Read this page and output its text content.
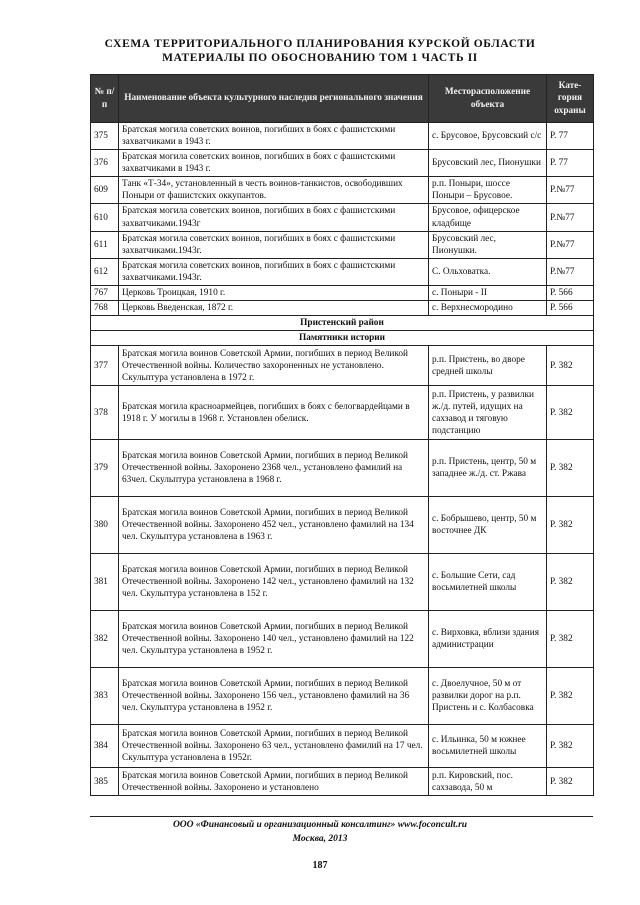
СХЕМА ТЕРРИТОРИАЛЬНОГО ПЛАНИРОВАНИЯ КУРСКОЙ ОБЛАСТИ
МАТЕРИАЛЫ ПО ОБОСНОВАНИЮ ТОМ 1 ЧАСТЬ II
№ п/п	Наименование объекта культурного наследия регионального значения	Месторасположение объекта	Кате-гория охраны
375	Братская могила советских воинов, погибших в боях с фашистскими захватчиками в 1943 г.	с. Брусовое, Брусовский с/с	Р. 77
376	Братская могила советских воинов, погибших в боях с фашистскими захватчиками в 1943 г.	Брусовский лес, Пионушки	Р. 77
609	Танк «Т-34», установленный в честь воинов-танкистов, освободивших Поныри от фашистских оккупантов.	р.п. Поныри, шоссе Поныри – Брусовое.	Р.№77
610	Братская могила советских воинов, погибших в боях с фашистскими захватчиками.1943г	Брусовое, офицерское кладбище	Р.№77
611	Братская могила советских воинов, погибших в боях с фашистскими захватчиками.1943г.	Брусовский лес, Пионушки.	Р.№77
612	Братская могила советских воинов, погибших в боях с фашистскими захватчиками.1943г.	С. Ольховатка.	Р.№77
767	Церковь Троицкая, 1910 г.	с. Поныри - II	Р. 566
768	Церковь Введенская, 1872 г.	с. Верхнесмородино	Р. 566
Пристенский район			
Памятники истории			
377	Братская могила воинов Советской Армии, погибших в период Великой Отечественной войны. Количество захороненных не установлено. Скульптура установлена в 1972 г.	р.п. Пристень, во дворе средней школы	Р. 382
378	Братская могила красноармейцев, погибших в боях с белогвардейцами в 1918 г. У могилы в 1968 г. Установлен обелиск.	р.п. Пристень, у развилки ж./д. путей, идущих на сахзавод и тяговую подстанцию	Р. 382
379	Братская могила воинов Советской Армии, погибших в период Великой Отечественной войны. Захоронено 2368 чел., установлено фамилий на 63чел. Скульптура установлена в 1968 г.	р.п. Пристень, центр, 50 м западнее ж./д. ст. Ржава	Р. 382
380	Братская могила воинов Советской Армии, погибших в период Великой Отечественной войны. Захоронено 452 чел., установлено фамилий на 134 чел. Скульптура установлена в 1963 г.	с. Бобрышево, центр, 50 м восточнее ДК	Р. 382
381	Братская могила воинов Советской Армии, погибших в период Великой Отечественной войны. Захоронено 142 чел., установлено фамилий на 132 чел. Скульптура установлена в 152 г.	с. Большие Сети, сад восьмилетней школы	Р. 382
382	Братская могила воинов Советской Армии, погибших в период Великой Отечественной войны. Захоронено 140 чел., установлено фамилий на 122 чел. Скульптура установлена в 1952 г.	с. Вирховка, вблизи здания администрации	Р. 382
383	Братская могила воинов Советской Армии, погибших в период Великой Отечественной войны. Захоронено 156 чел., установлено фамилий на 36 чел. Скульптура установлена в 1952 г.	с. Двоелучное, 50 м от развилки дорог на р.п. Пристень и с. Колбасовка	Р. 382
384	Братская могила воинов Советской Армии, погибших в период Великой Отечественной войны. Захоронено 63 чел., установлено фамилий на 17 чел. Скульптура установлена в 1952г.	с. Ильинка, 50 м южнее восьмилетней школы	Р. 382
385	Братская могила воинов Советской Армии, погибших в период Великой Отечественной войны. Захоронено и установлено	р.п. Кировский, пос. сахзавода, 50 м	Р. 382
ООО «Финансовый и организационный консалтинг» www.foconcult.ru
Москва, 2013
187
